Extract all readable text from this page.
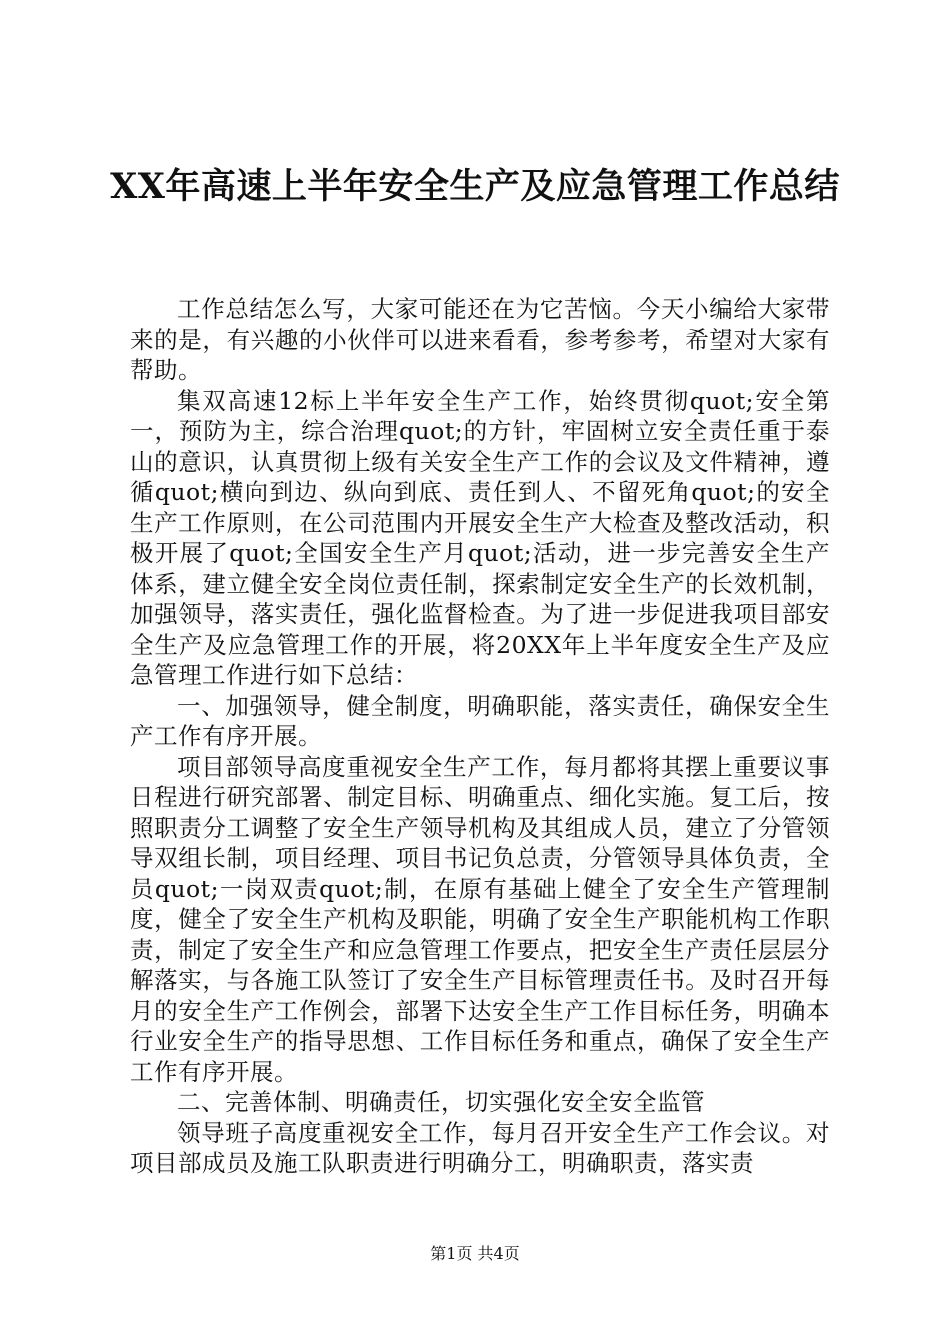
XX年高速上半年安全生产及应急管理工作总结

工作总结怎么写，大家可能还在为它苦恼。今天小编给大家带来的是，有兴趣的小伙伴可以进来看看，参考参考，希望对大家有帮助。

集双高速12标上半年安全生产工作，始终贯彻quot;安全第一，预防为主，综合治理quot;的方针，牢固树立安全责任重于泰山的意识，认真贯彻上级有关安全生产工作的会议及文件精神，遵循quot;横向到边、纵向到底、责任到人、不留死角quot;的安全生产工作原则，在公司范围内开展安全生产大检查及整改活动，积极开展了quot;全国安全生产月quot;活动，进一步完善安全生产体系，建立健全安全岗位责任制，探索制定安全生产的长效机制，加强领导，落实责任，强化监督检查。为了进一步促进我项目部安全生产及应急管理工作的开展，将20XX年上半年度安全生产及应急管理工作进行如下总结：

一、加强领导，健全制度，明确职能，落实责任，确保安全生产工作有序开展。

项目部领导高度重视安全生产工作，每月都将其摆上重要议事日程进行研究部署、制定目标、明确重点、细化实施。复工后，按照职责分工调整了安全生产领导机构及其组成人员，建立了分管领导双组长制，项目经理、项目书记负总责，分管领导具体负责，全员quot;一岗双责quot;制，在原有基础上健全了安全生产管理制度，健全了安全生产机构及职能，明确了安全生产职能机构工作职责，制定了安全生产和应急管理工作要点，把安全生产责任层层分解落实，与各施工队签订了安全生产目标管理责任书。及时召开每月的安全生产工作例会，部署下达安全生产工作目标任务，明确本行业安全生产的指导思想、工作目标任务和重点，确保了安全生产工作有序开展。

二、完善体制、明确责任，切实强化安全安全监管

领导班子高度重视安全工作，每月召开安全生产工作会议。对项目部成员及施工队职责进行明确分工，明确职责，落实责

第1页 共4页
